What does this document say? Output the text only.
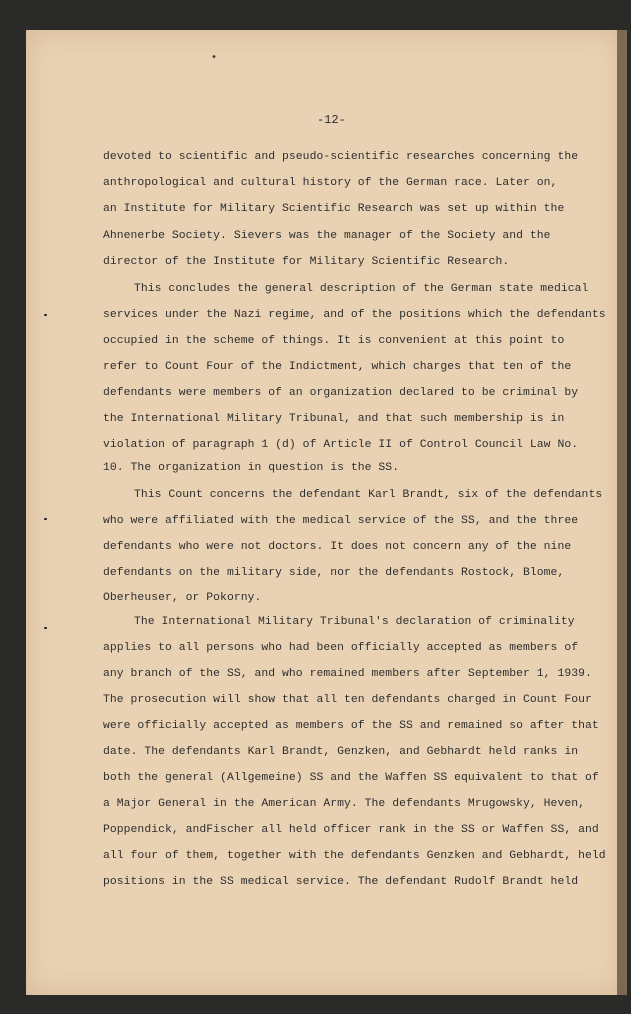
•
-12-
devoted to scientific and pseudo-scientific researches concerning the
anthropological and cultural history of the German race. Later on,
an Institute for Military Scientific Research was set up within the
Ahnenerbe Society. Sievers was the manager of the Society and the
director of the Institute for Military Scientific Research.
This concludes the general description of the German state medical
services under the Nazi regime, and of the positions which the defendants
occupied in the scheme of things. It is convenient at this point to
refer to Count Four of the Indictment, which charges that ten of the
defendants were members of an organization declared to be criminal by
the International Military Tribunal, and that such membership is in
violation of paragraph 1 (d) of Article II of Control Council Law No.
10. The organization in question is the SS.
This Count concerns the defendant Karl Brandt, six of the defendants
who were affiliated with the medical service of the SS, and the three
defendants who were not doctors. It does not concern any of the nine
defendants on the military side, nor the defendants Rostock, Blome,
Oberheuser, or Pokorny.
The International Military Tribunal's declaration of criminality
applies to all persons who had been officially accepted as members of
any branch of the SS, and who remained members after September 1, 1939.
The prosecution will show that all ten defendants charged in Count Four
were officially accepted as members of the SS and remained so after that
date. The defendants Karl Brandt, Genzken, and Gebhardt held ranks in
both the general (Allgemeine) SS and the Waffen SS equivalent to that of
a Major General in the American Army. The defendants Mrugowsky, Heven,
Poppendick, andFischer all held officer rank in the SS or Waffen SS, and
all four of them, together with the defendants Genzken and Gebhardt, held
positions in the SS medical service. The defendant Rudolf Brandt held
